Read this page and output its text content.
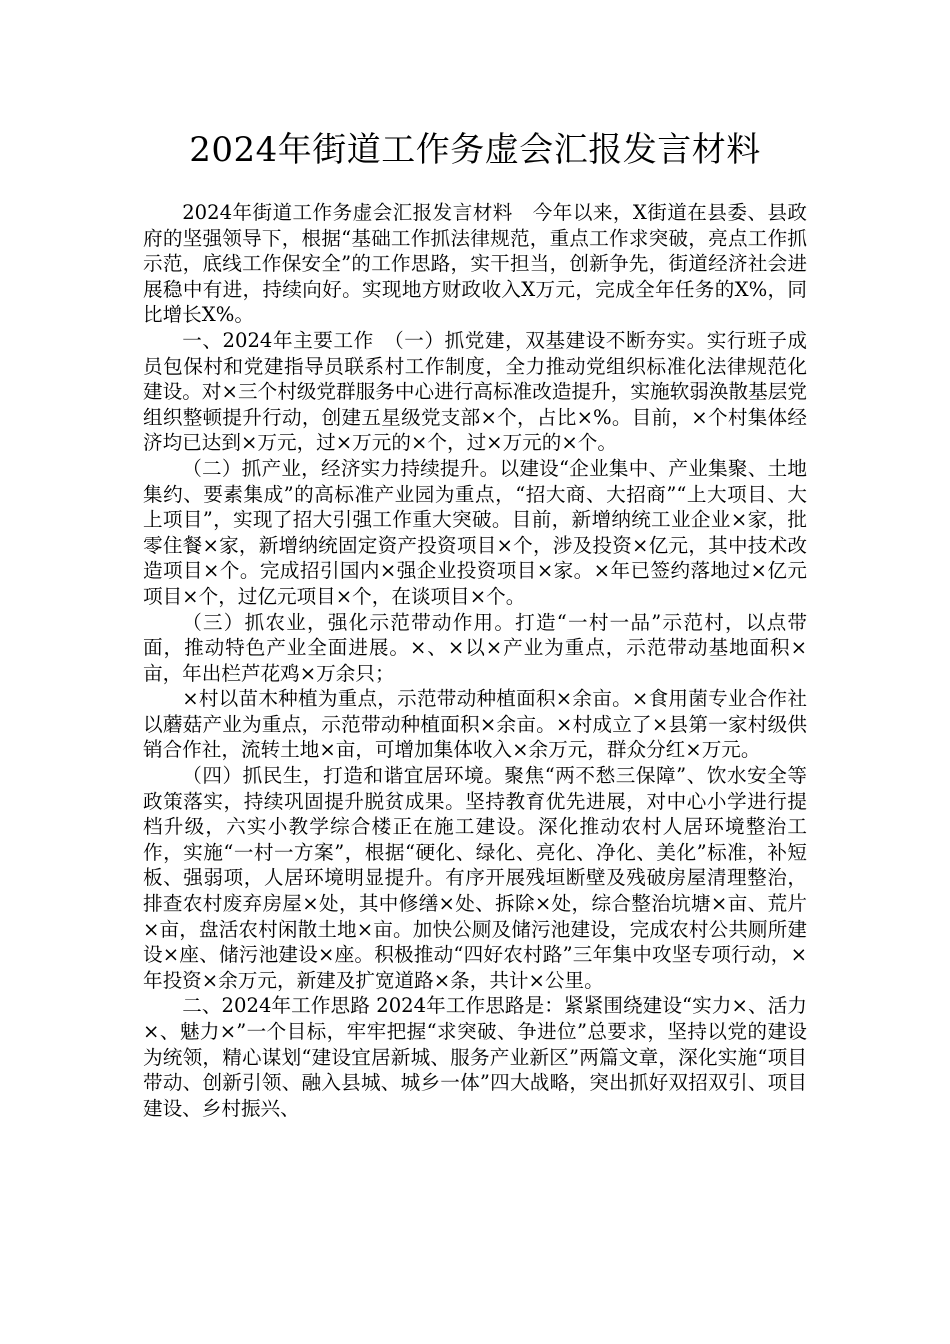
2024年街道工作务虚会汇报发言材料

2024年街道工作务虚会汇报发言材料　今年以来，X街道在县委、县政府的坚强领导下，根据“基础工作抓法律规范，重点工作求突破，亮点工作抓示范，底线工作保安全”的工作思路，实干担当，创新争先，街道经济社会进展稳中有进，持续向好。实现地方财政收入X万元，完成全年任务的X%，同比增长X%。

一、2024年主要工作　（一）抓党建，双基建设不断夯实。实行班子成员包保村和党建指导员联系村工作制度，全力推动党组织标准化法律规范化建设。对×三个村级党群服务中心进行高标准改造提升，实施软弱涣散基层党组织整顿提升行动，创建五星级党支部×个，占比×%。目前，×个村集体经济均已达到×万元，过×万元的×个，过×万元的×个。

（二）抓产业，经济实力持续提升。以建设“企业集中、产业集聚、土地集约、要素集成”的高标准产业园为重点，“招大商、大招商”“上大项目、大上项目”，实现了招大引强工作重大突破。目前，新增纳统工业企业×家，批零住餐×家，新增纳统固定资产投资项目×个，涉及投资×亿元，其中技术改造项目×个。完成招引国内×强企业投资项目×家。×年已签约落地过×亿元项目×个，过亿元项目×个，在谈项目×个。

（三）抓农业，强化示范带动作用。打造“一村一品”示范村，以点带面，推动特色产业全面进展。×、×以×产业为重点，示范带动基地面积×亩，年出栏芦花鸡×万余只；

×村以苗木种植为重点，示范带动种植面积×余亩。×食用菌专业合作社以蘑菇产业为重点，示范带动种植面积×余亩。×村成立了×县第一家村级供销合作社，流转土地×亩，可增加集体收入×余万元，群众分红×万元。

（四）抓民生，打造和谐宜居环境。聚焦“两不愁三保障”、饮水安全等政策落实，持续巩固提升脱贫成果。坚持教育优先进展，对中心小学进行提档升级，六实小教学综合楼正在施工建设。深化推动农村人居环境整治工作，实施“一村一方案”，根据“硬化、绿化、亮化、净化、美化”标准，补短板、强弱项，人居环境明显提升。有序开展残垣断壁及残破房屋清理整治，排查农村废弃房屋×处，其中修缮×处、拆除×处，综合整治坑塘×亩、荒片×亩，盘活农村闲散土地×亩。加快公厕及储污池建设，完成农村公共厕所建设×座、储污池建设×座。积极推动“四好农村路”三年集中攻坚专项行动，×年投资×余万元，新建及扩宽道路×条，共计×公里。

二、2024年工作思路 2024年工作思路是：紧紧围绕建设“实力×、活力×、魅力×”一个目标，牢牢把握“求突破、争进位”总要求，坚持以党的建设为统领，精心谋划“建设宜居新城、服务产业新区”两篇文章，深化实施“项目带动、创新引领、融入县城、城乡一体”四大战略，突出抓好双招双引、项目建设、乡村振兴、
